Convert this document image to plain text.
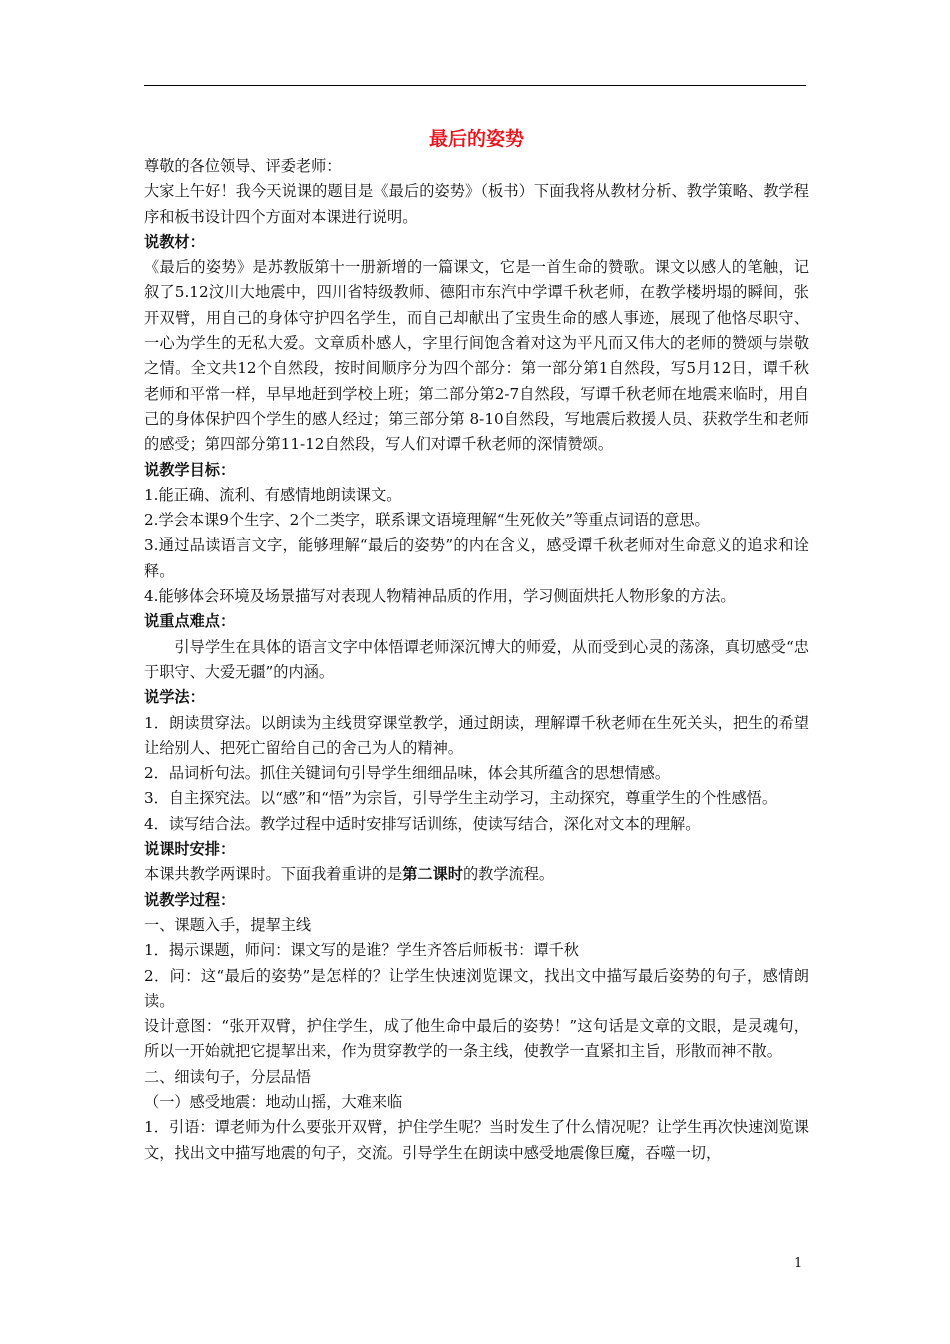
最后的姿势

尊敬的各位领导、评委老师：

大家上午好！我今天说课的题目是《最后的姿势》（板书）下面我将从教材分析、教学策略、教学程序和板书设计四个方面对本课进行说明。

说教材：

《最后的姿势》是苏教版第十一册新增的一篇课文，它是一首生命的赞歌。课文以感人的笔触，记叙了5.12汶川大地震中，四川省特级教师、德阳市东汽中学谭千秋老师，在教学楼坍塌的瞬间，张开双臂，用自己的身体守护四名学生，而自己却献出了宝贵生命的感人事迹，展现了他恪尽职守、一心为学生的无私大爱。文章质朴感人，字里行间饱含着对这为平凡而又伟大的老师的赞颂与崇敬之情。全文共12个自然段，按时间顺序分为四个部分：第一部分第1自然段，写5月12日，谭千秋老师和平常一样，早早地赶到学校上班；第二部分第2-7自然段，写谭千秋老师在地震来临时，用自己的身体保护四个学生的感人经过；第三部分第 8-10自然段，写地震后救援人员、获救学生和老师的感受；第四部分第11-12自然段，写人们对谭千秋老师的深情赞颂。

说教学目标：

1.能正确、流利、有感情地朗读课文。

2.学会本课9个生字、2个二类字，联系课文语境理解“生死攸关”等重点词语的意思。

3.通过品读语言文字，能够理解“最后的姿势”的内在含义，感受谭千秋老师对生命意义的追求和诠释。

4.能够体会环境及场景描写对表现人物精神品质的作用，学习侧面烘托人物形象的方法。

说重点难点：

引导学生在具体的语言文字中体悟谭老师深沉博大的师爱，从而受到心灵的荡涤，真切感受“忠于职守、大爱无疆”的内涵。

说学法：

1．朗读贯穿法。以朗读为主线贯穿课堂教学，通过朗读，理解谭千秋老师在生死关头，把生的希望让给别人、把死亡留给自己的舍己为人的精神。

2．品词析句法。抓住关键词句引导学生细细品味，体会其所蕴含的思想情感。

3．自主探究法。以“感”和“悟”为宗旨，引导学生主动学习，主动探究，尊重学生的个性感悟。

4．读写结合法。教学过程中适时安排写话训练，使读写结合，深化对文本的理解。

说课时安排：

本课共教学两课时。下面我着重讲的是第二课时的教学流程。

说教学过程：

一、课题入手，提挈主线

1．揭示课题，师问：课文写的是谁？学生齐答后师板书：谭千秋

2．问：这“最后的姿势”是怎样的？让学生快速浏览课文，找出文中描写最后姿势的句子，感情朗读。

设计意图：“张开双臂，护住学生，成了他生命中最后的姿势！”这句话是文章的文眼，是灵魂句，所以一开始就把它提挈出来，作为贯穿教学的一条主线，使教学一直紧扣主旨，形散而神不散。

二、细读句子，分层品悟

（一）感受地震：地动山摇，大难来临

1．引语：谭老师为什么要张开双臂，护住学生呢？当时发生了什么情况呢？让学生再次快速浏览课文，找出文中描写地震的句子，交流。引导学生在朗读中感受地震像巨魔，吞噬一切，

1
